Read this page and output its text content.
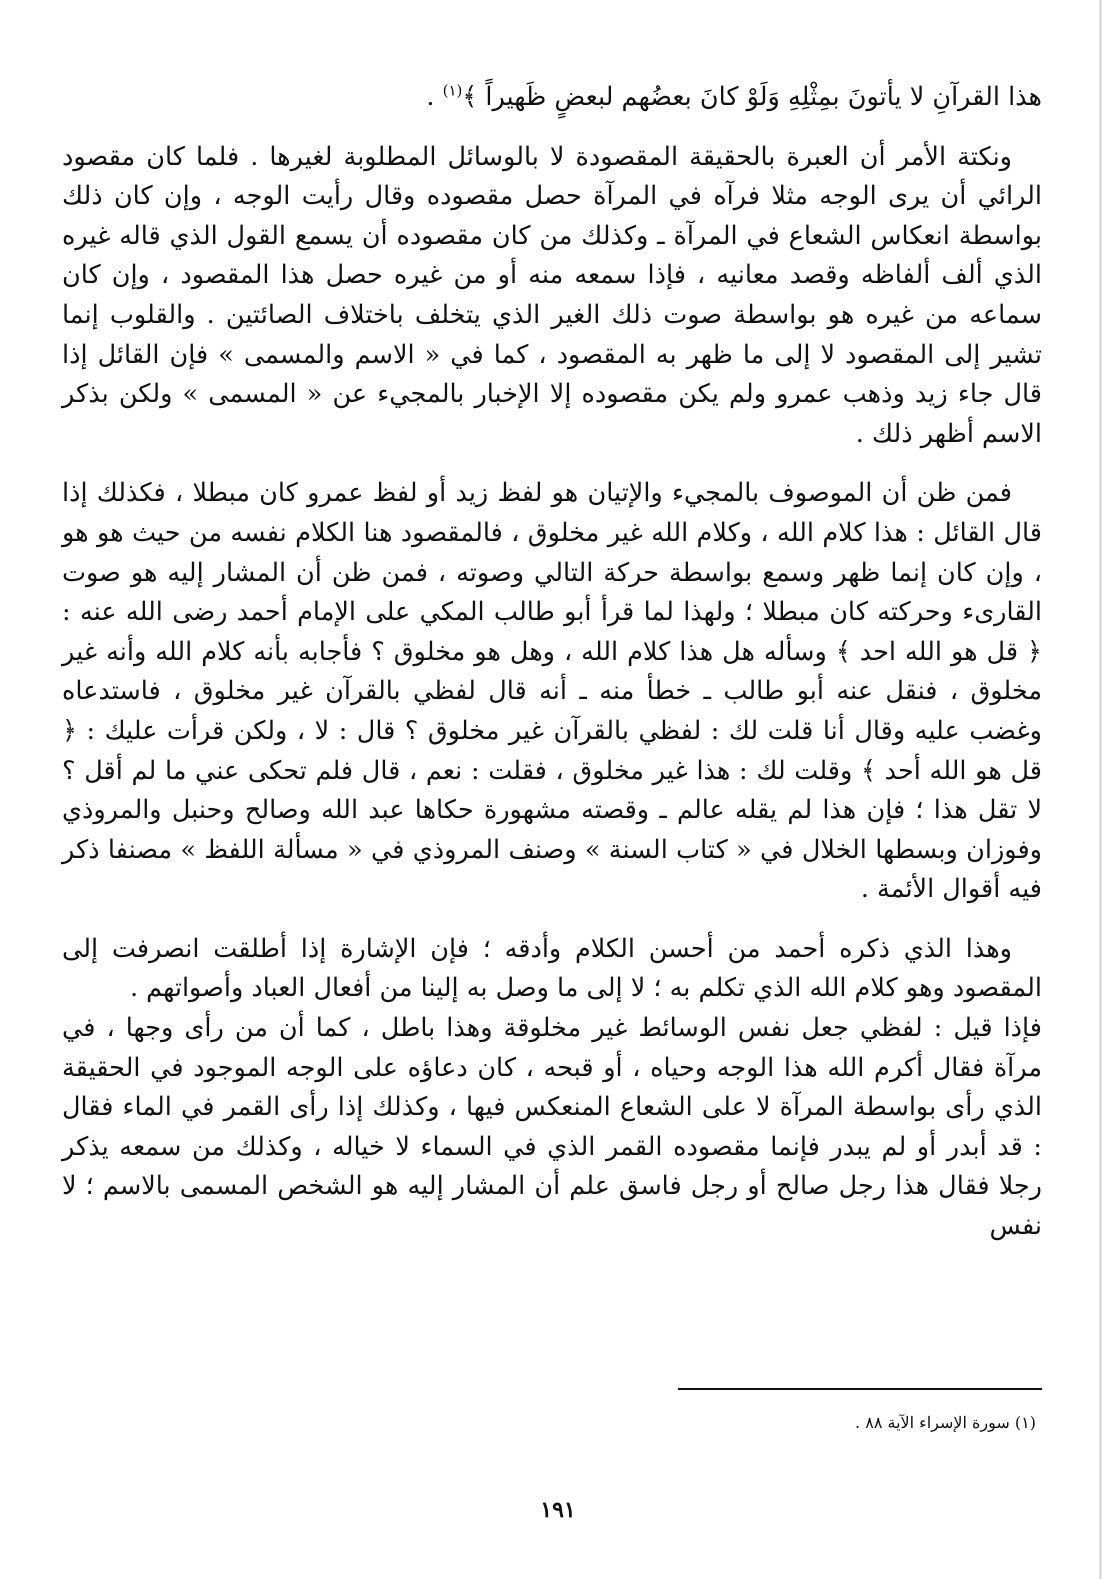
هذا القرآنِ لا يأتونَ بمِثْلِهِ وَلَوْ كانَ بعضُهم لبعضٍ ظَهيراً ﴾$^{(١)}$ .

ونكتة الأمر أن العبرة بالحقيقة المقصودة لا بالوسائل المطلوبة لغيرها . فلما كان مقصود الرائي أن يرى الوجه مثلا فرآه في المرآة حصل مقصوده وقال رأيت الوجه ، وإن كان ذلك بواسطة انعكاس الشعاع في المرآة ـ وكذلك من كان مقصوده أن يسمع القول الذي قاله غيره الذي ألف ألفاظه وقصد معانيه ، فإذا سمعه منه أو من غيره حصل هذا المقصود ، وإن كان سماعه من غيره هو بواسطة صوت ذلك الغير الذي يتخلف باختلاف الصائتين . والقلوب إنما تشير إلى المقصود لا إلى ما ظهر به المقصود ، كما في « الاسم والمسمى » فإن القائل إذا قال جاء زيد وذهب عمرو ولم يكن مقصوده إلا الإخبار بالمجيء عن « المسمى » ولكن بذكر الاسم أظهر ذلك .

فمن ظن أن الموصوف بالمجيء والإتيان هو لفظ زيد أو لفظ عمرو كان مبطلا ، فكذلك إذا قال القائل : هذا كلام الله ، وكلام الله غير مخلوق ، فالمقصود هنا الكلام نفسه من حيث هو هو ، وإن كان إنما ظهر وسمع بواسطة حركة التالي وصوته ، فمن ظن أن المشار إليه هو صوت القارىء وحركته كان مبطلا ؛ ولهذا لما قرأ أبو طالب المكي على الإمام أحمد رضى الله عنه : ﴿ قل هو الله احد ﴾ وسأله هل هذا كلام الله ، وهل هو مخلوق ؟ فأجابه بأنه كلام الله وأنه غير مخلوق ، فنقل عنه أبو طالب ـ خطأ منه ـ أنه قال لفظي بالقرآن غير مخلوق ، فاستدعاه وغضب عليه وقال أنا قلت لك : لفظي بالقرآن غير مخلوق ؟ قال : لا ، ولكن قرأت عليك : ﴿ قل هو الله أحد ﴾ وقلت لك : هذا غير مخلوق ، فقلت : نعم ، قال فلم تحكى عني ما لم أقل ؟ لا تقل هذا ؛ فإن هذا لم يقله عالم ـ وقصته مشهورة حكاها عبد الله وصالح وحنبل والمروذي وفوزان وبسطها الخلال في « كتاب السنة » وصنف المروذي في « مسألة اللفظ » مصنفا ذكر فيه أقوال الأئمة .

وهذا الذي ذكره أحمد من أحسن الكلام وأدقه ؛ فإن الإشارة إذا أطلقت انصرفت إلى المقصود وهو كلام الله الذي تكلم به ؛ لا إلى ما وصل به إلينا من أفعال العباد وأصواتهم .

فإذا قيل : لفظي جعل نفس الوسائط غير مخلوقة وهذا باطل ، كما أن من رأى وجها ، في مرآة فقال أكرم الله هذا الوجه وحياه ، أو قبحه ، كان دعاؤه على الوجه الموجود في الحقيقة الذي رأى بواسطة المرآة لا على الشعاع المنعكس فيها ، وكذلك إذا رأى القمر في الماء فقال : قد أبدر أو لم يبدر فإنما مقصوده القمر الذي في السماء لا خياله ، وكذلك من سمعه يذكر رجلا فقال هذا رجل صالح أو رجل فاسق علم أن المشار إليه هو الشخص المسمى بالاسم ؛ لا نفس

(١) سورة الإسراء الآية ٨٨ .
١٩١
